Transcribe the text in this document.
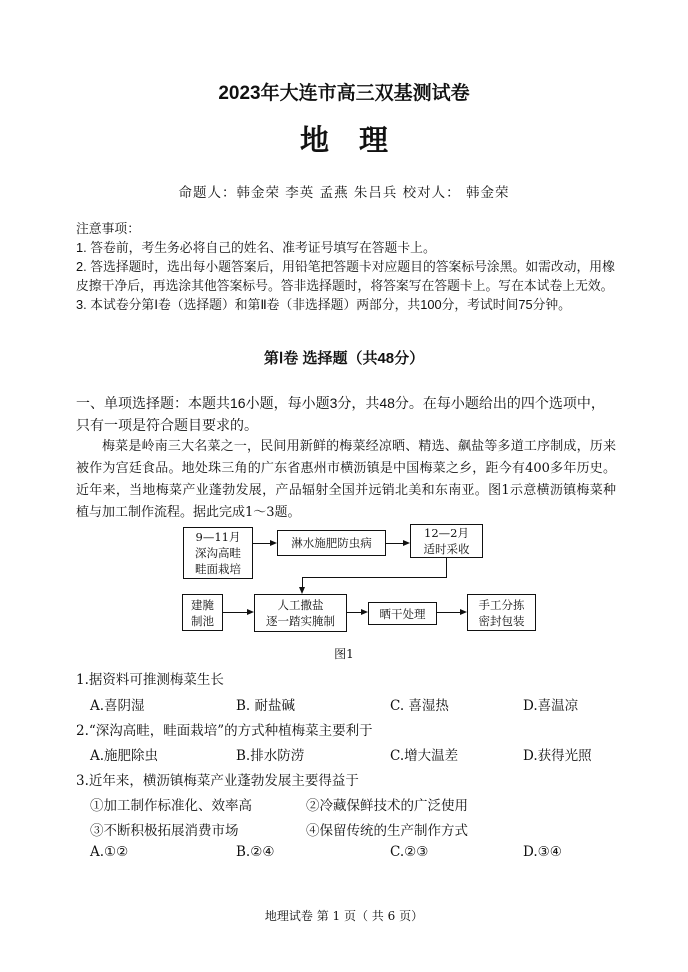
2023年大连市高三双基测试卷
地理
命题人：韩金荣 李英 孟燕 朱吕兵 校对人： 韩金荣
注意事项：
1. 答卷前，考生务必将自己的姓名、准考证号填写在答题卡上。
2. 答选择题时，选出每小题答案后，用铅笔把答题卡对应题目的答案标号涂黑。如需改动，用橡皮擦干净后，再选涂其他答案标号。答非选择题时，将答案写在答题卡上。写在本试卷上无效。
3. 本试卷分第Ⅰ卷（选择题）和第Ⅱ卷（非选择题）两部分，共100分，考试时间75分钟。
第Ⅰ卷 选择题（共48分）
一、单项选择题：本题共16小题，每小题3分，共48分。在每小题给出的四个选项中，只有一项是符合题目要求的。
梅菜是岭南三大名菜之一，民间用新鲜的梅菜经凉晒、精选、飙盐等多道工序制成，历来被作为宫廷食品。地处珠三角的广东省惠州市横沥镇是中国梅菜之乡，距今有400多年历史。近年来，当地梅菜产业蓬勃发展，产品辐射全国并远销北美和东南亚。图1示意横沥镇梅菜种植与加工制作流程。据此完成1～3题。
9—11月
深沟高畦
畦面栽培
淋水施肥防虫病
12—2月
适时采收
建腌
制池
人工撒盐
逐一踏实腌制
晒干处理
手工分拣
密封包装
图1
1.据资料可推测梅菜生长
A.喜阴湿	B. 耐盐碱	C. 喜湿热	D.喜温凉
2.“深沟高畦，畦面栽培”的方式种植梅菜主要利于
A.施肥除虫	B.排水防涝	C.增大温差	D.获得光照
3.近年来，横沥镇梅菜产业蓬勃发展主要得益于
①加工制作标准化、效率高	②冷藏保鲜技术的广泛使用
③不断积极拓展消费市场	④保留传统的生产制作方式
A.①②	B.②④	C.②③	D.③④
地理试卷 第 1 页（ 共 6 页）
